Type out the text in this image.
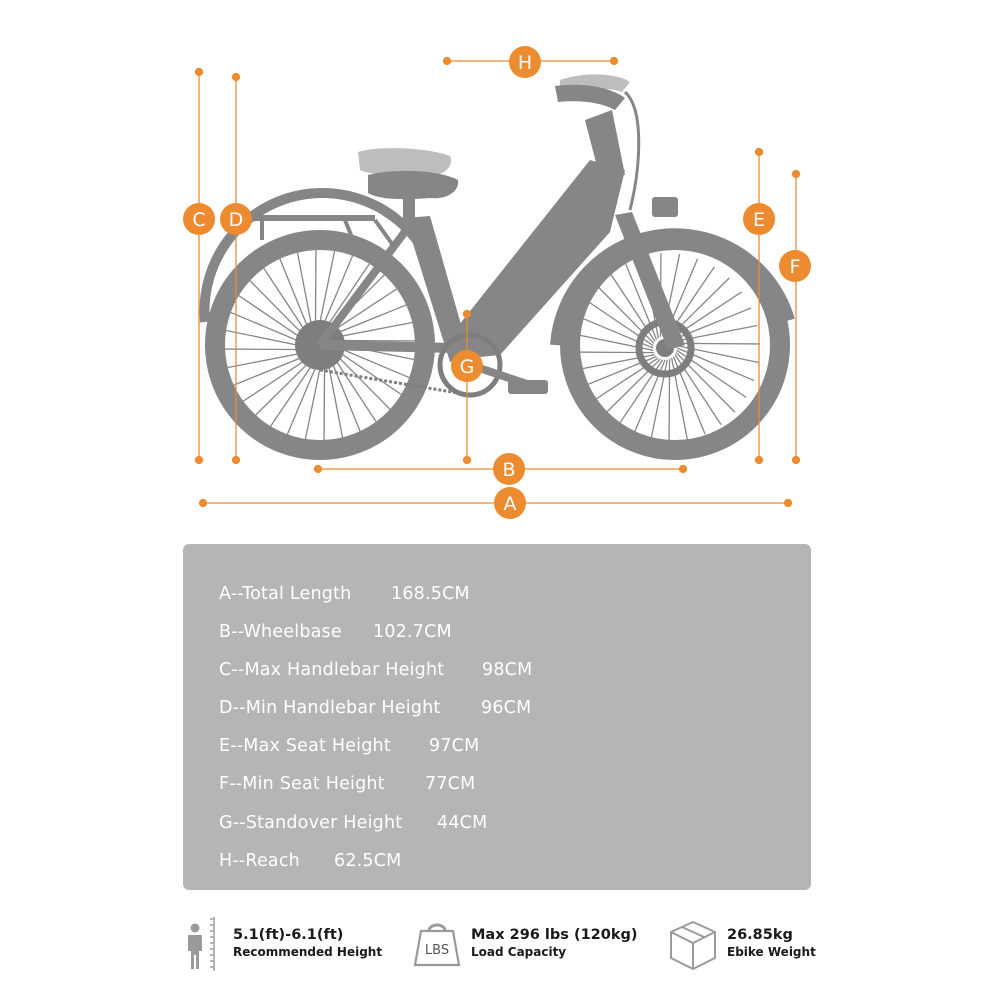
C D	E
F
G
H
B
A
A--Total Length 168.5CM
B--Wheelbase 102.7CM
C--Max Handlebar Height 98CM
D--Min Handlebar Height 96CM
E--Max Seat Height 97CM
F--Min Seat Height 77CM
G--Standover Height 44CM
H--Reach 62.5CM
5.1(ft)-6.1(ft)
Recommended Height	LBS
Max 296 lbs (120kg)
Load Capacity
26.85kg
Ebike Weight
